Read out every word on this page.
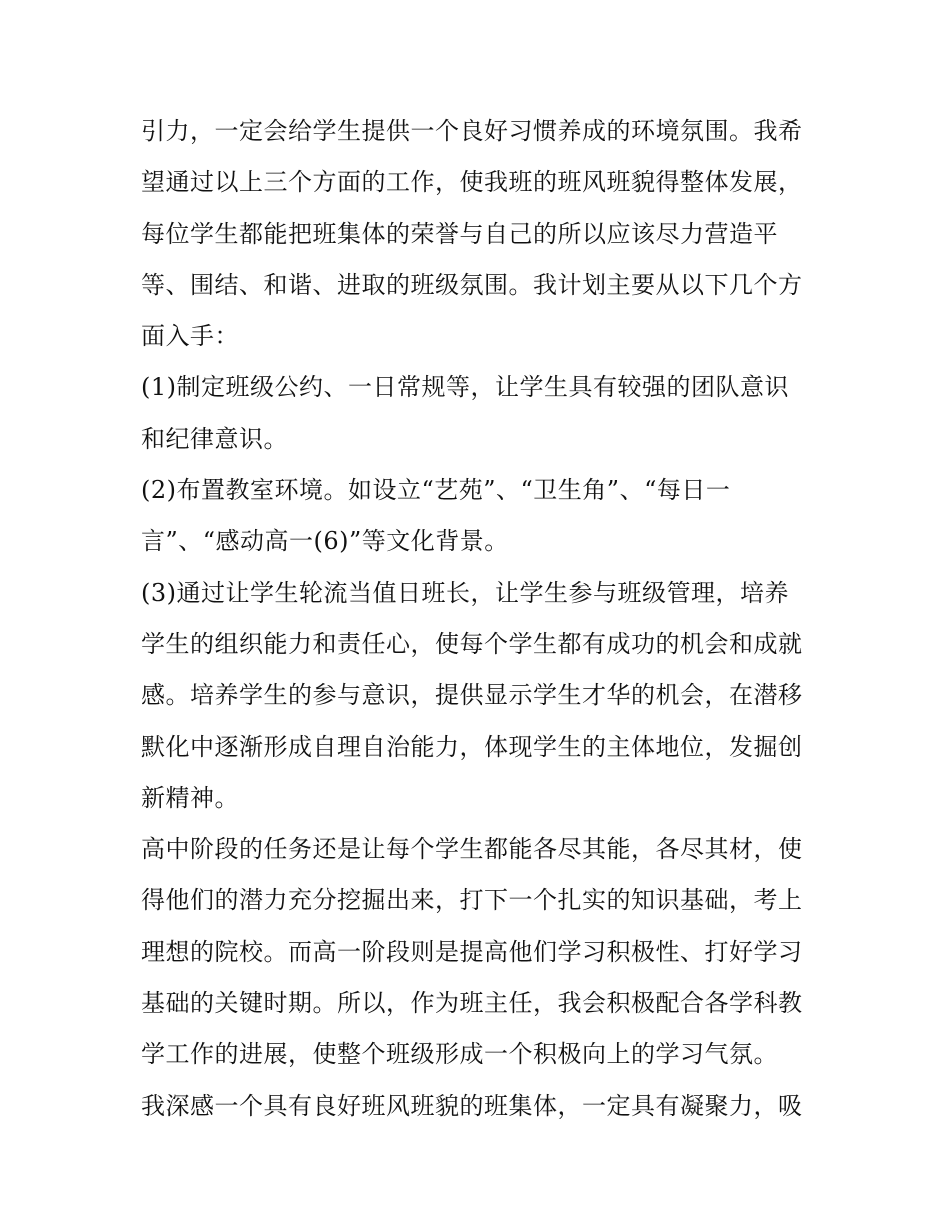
引力，一定会给学生提供一个良好习惯养成的环境氛围。我希
望通过以上三个方面的工作，使我班的班风班貌得整体发展，
每位学生都能把班集体的荣誉与自己的所以应该尽力营造平
等、围结、和谐、进取的班级氛围。我计划主要从以下几个方
面入手：
(1)制定班级公约、一日常规等，让学生具有较强的团队意识
和纪律意识。
(2)布置教室环境。如设立“艺苑”、“卫生角”、“每日一
言”、“感动高一(6)”等文化背景。
(3)通过让学生轮流当值日班长，让学生参与班级管理，培养
学生的组织能力和责任心，使每个学生都有成功的机会和成就
感。培养学生的参与意识，提供显示学生才华的机会，在潜移
默化中逐渐形成自理自治能力，体现学生的主体地位，发掘创
新精神。
高中阶段的任务还是让每个学生都能各尽其能，各尽其材，使
得他们的潜力充分挖掘出来，打下一个扎实的知识基础，考上
理想的院校。而高一阶段则是提高他们学习积极性、打好学习
基础的关键时期。所以，作为班主任，我会积极配合各学科教
学工作的进展，使整个班级形成一个积极向上的学习气氛。
我深感一个具有良好班风班貌的班集体，一定具有凝聚力，吸
